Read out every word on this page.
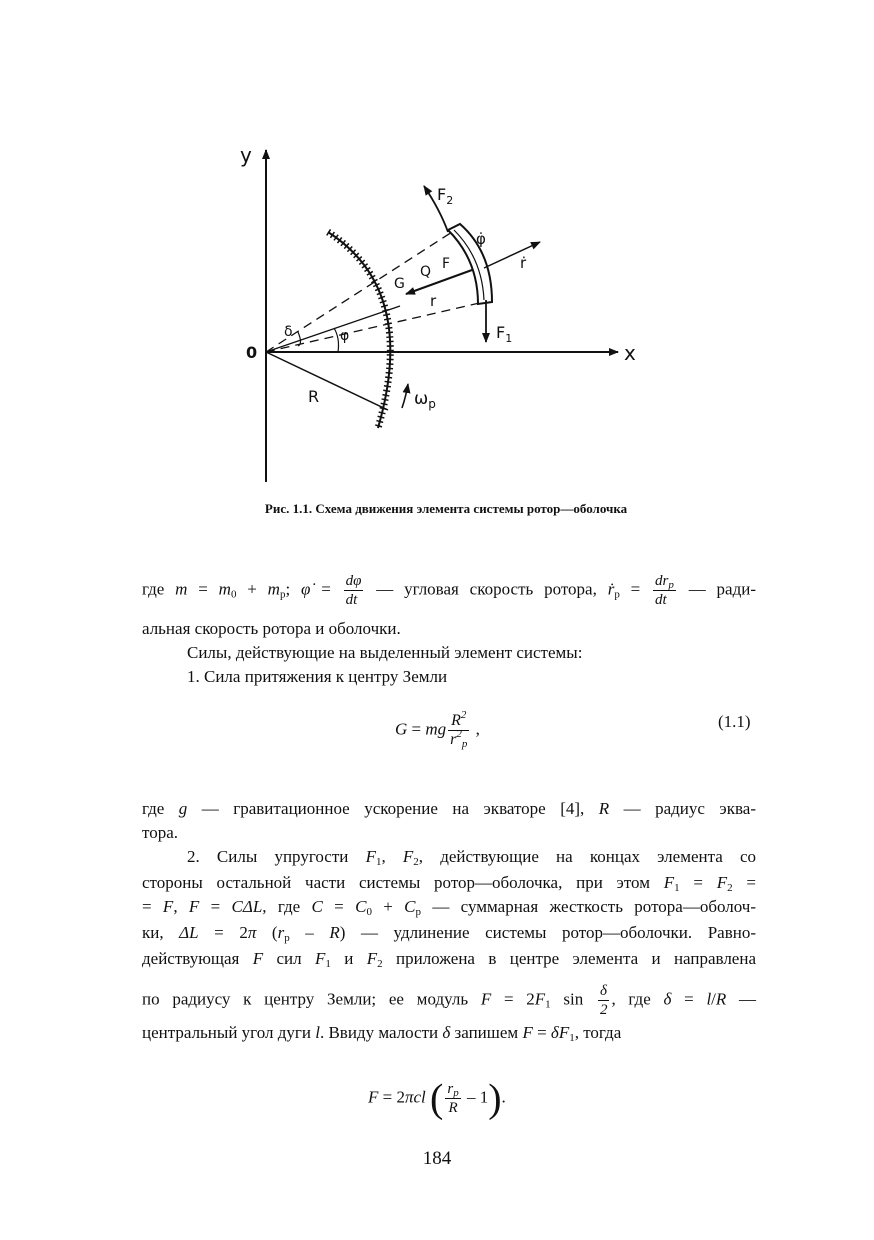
y
x
0
R
δ	φ
r
G
Q F	ṙ
φ̇
$F_2$
$F_1$
$\omega_р$
Рис. 1.1. Схема движения элемента системы ротор—оболочка
где $m = m_0 + m_р$; φ̇ = $\frac{d\varphi}{dt}$ — угловая скорость ротора, ṙ$_р$ = $\frac{dr_р}{dt}$ — ради-
альная скорость ротора и оболочки.
Силы, действующие на выделенный элемент системы:
1. Сила притяжения к центру Земли
G = mg $\frac{R^2}{r^2_р}$ ,	(1.1)
где g — гравитационное ускорение на экваторе [4], R — радиус эква-
тора.
2. Силы упругости $F_1$, $F_2$, действующие на концах элемента со
стороны остальной части системы ротор—оболочка, при этом $F_1 = F_2$ =
= F, F = CΔL, где $C = C_0 + C_р$ — суммарная жесткость ротора—оболоч-
ки, ΔL = 2π $(r_р - R)$ — удлинение системы ротор—оболочки. Равно-
действующая F сил $F_1$ и $F_2$ приложена в центре элемента и направлена
по радиусу к центру Земли; ее модуль $F = 2F_1$ $\sin \frac{\delta}{2}$ , где δ = l/R —
центральный угол дуги l. Ввиду малости δ запишем $F = \delta F_1$, тогда
F = 2πcl ( $\frac{r_р}{R} - 1$).
184
